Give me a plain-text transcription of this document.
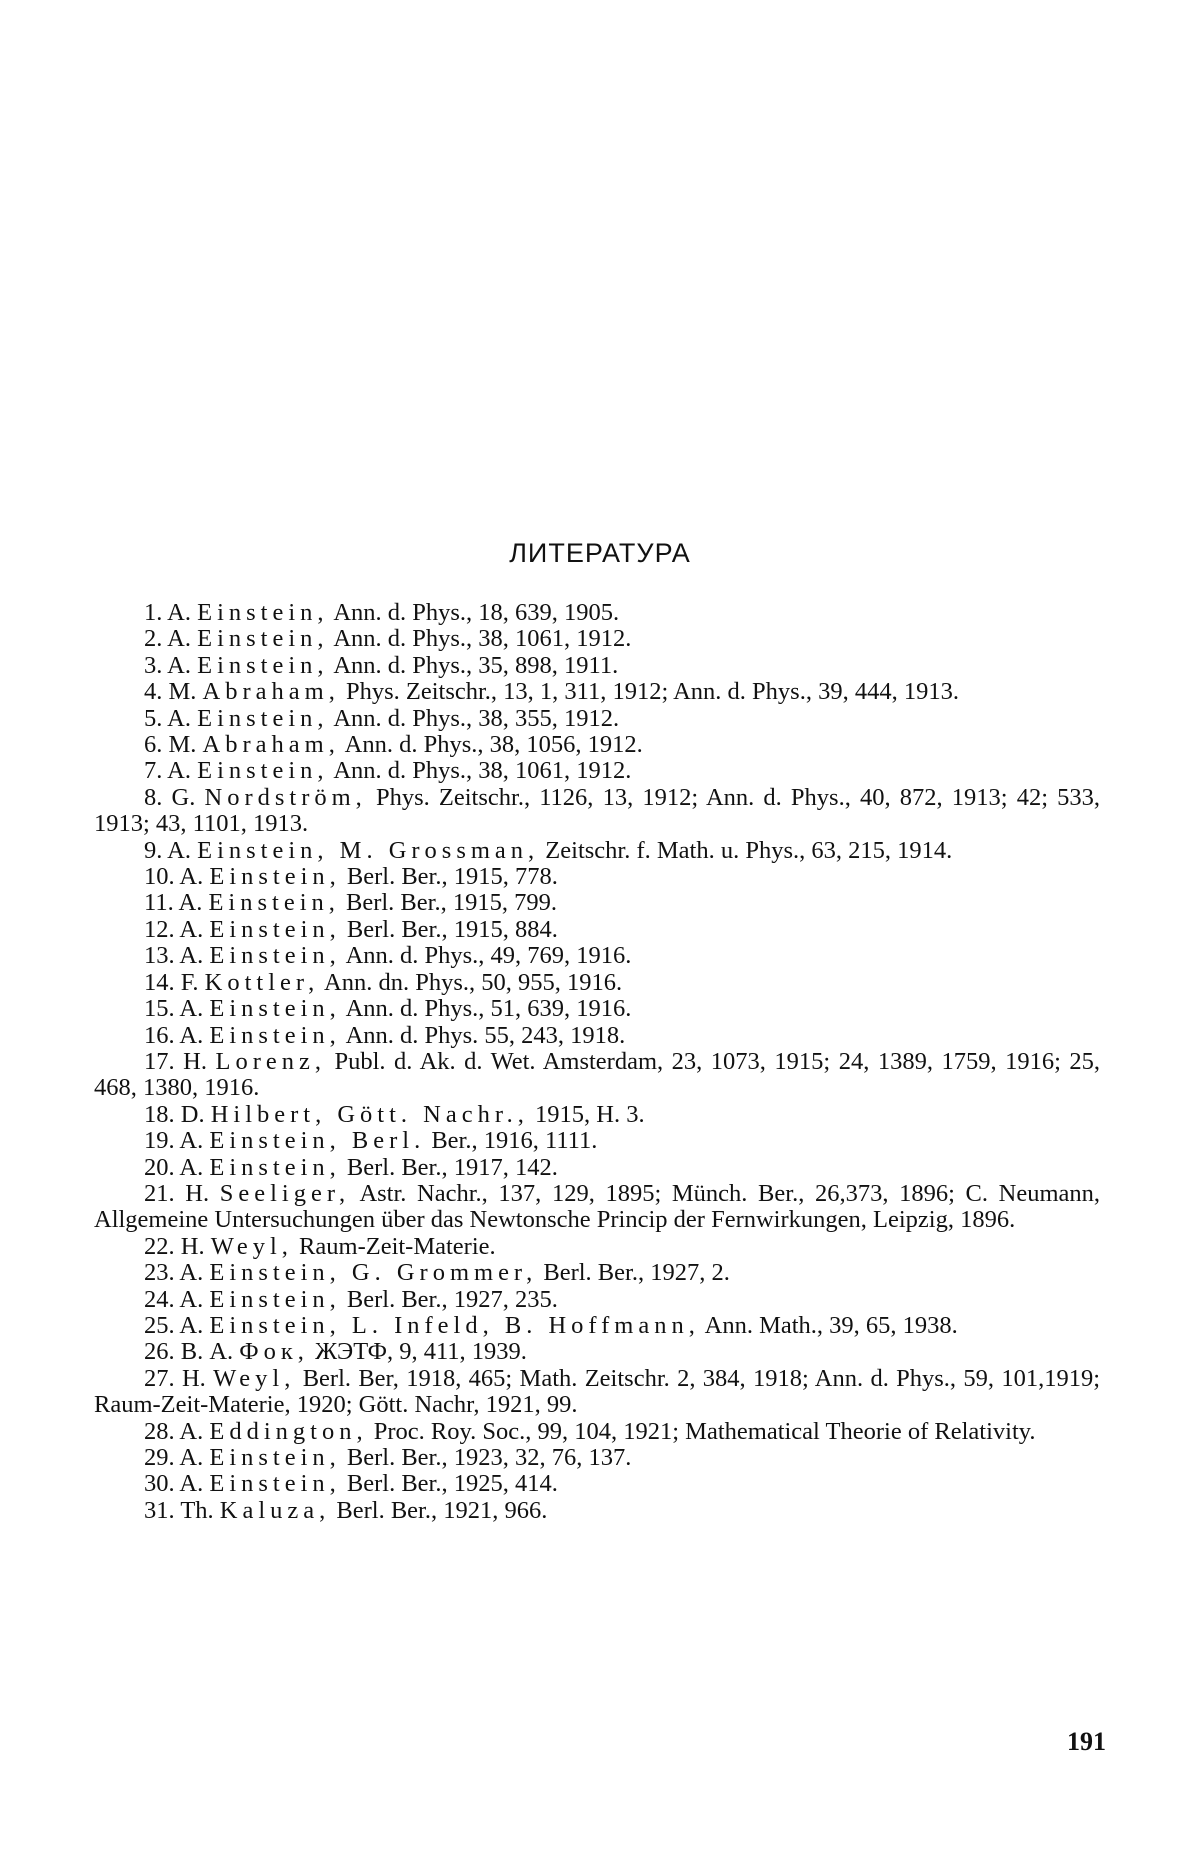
ЛИТЕРАТУРА
1. A. Einstein, Ann. d. Phys., 18, 639, 1905.
2. A. Einstein, Ann. d. Phys., 38, 1061, 1912.
3. A. Einstein, Ann. d. Phys., 35, 898, 1911.
4. M. Abraham, Phys. Zeitschr., 13, 1, 311, 1912; Ann. d. Phys., 39, 444, 1913.
5. A. Einstein, Ann. d. Phys., 38, 355, 1912.
6. M. Abraham, Ann. d. Phys., 38, 1056, 1912.
7. A. Einstein, Ann. d. Phys., 38, 1061, 1912.
8. G. Nordström, Phys. Zeitschr., 1126, 13, 1912; Ann. d. Phys., 40, 872, 1913; 42; 533, 1913; 43, 1101, 1913.
9. A. Einstein, M. Grossman, Zeitschr. f. Math. u. Phys., 63, 215, 1914.
10. A. Einstein, Berl. Ber., 1915, 778.
11. A. Einstein, Berl. Ber., 1915, 799.
12. A. Einstein, Berl. Ber., 1915, 884.
13. A. Einstein, Ann. d. Phys., 49, 769, 1916.
14. F. Kottler, Ann. dn. Phys., 50, 955, 1916.
15. A. Einstein, Ann. d. Phys., 51, 639, 1916.
16. A. Einstein, Ann. d. Phys. 55, 243, 1918.
17. H. Lorenz, Publ. d. Ak. d. Wet. Amsterdam, 23, 1073, 1915; 24, 1389, 1759, 1916; 25, 468, 1380, 1916.
18. D. Hilbert, Gött. Nachr., 1915, H. 3.
19. A. Einstein, Berl. Ber., 1916, 1111.
20. A. Einstein, Berl. Ber., 1917, 142.
21. H. Seeliger, Astr. Nachr., 137, 129, 1895; Münch. Ber., 26,373, 1896; C. Neumann, Allgemeine Untersuchungen über das Newtonsche Princip der Fernwirkungen, Leipzig, 1896.
22. H. Weyl, Raum-Zeit-Materie.
23. A. Einstein, G. Grommer, Berl. Ber., 1927, 2.
24. A. Einstein, Berl. Ber., 1927, 235.
25. A. Einstein, L. Infeld, B. Hoffmann, Ann. Math., 39, 65, 1938.
26. В. А. Фок, ЖЭТФ, 9, 411, 1939.
27. H. Weyl, Berl. Ber, 1918, 465; Math. Zeitschr. 2, 384, 1918; Ann. d. Phys., 59, 101,1919; Raum-Zeit-Materie, 1920; Gött. Nachr, 1921, 99.
28. A. Eddington, Proc. Roy. Soc., 99, 104, 1921; Mathematical Theorie of Relativity.
29. A. Einstein, Berl. Ber., 1923, 32, 76, 137.
30. A. Einstein, Berl. Ber., 1925, 414.
31. Th. Kaluza, Berl. Ber., 1921, 966.
191
